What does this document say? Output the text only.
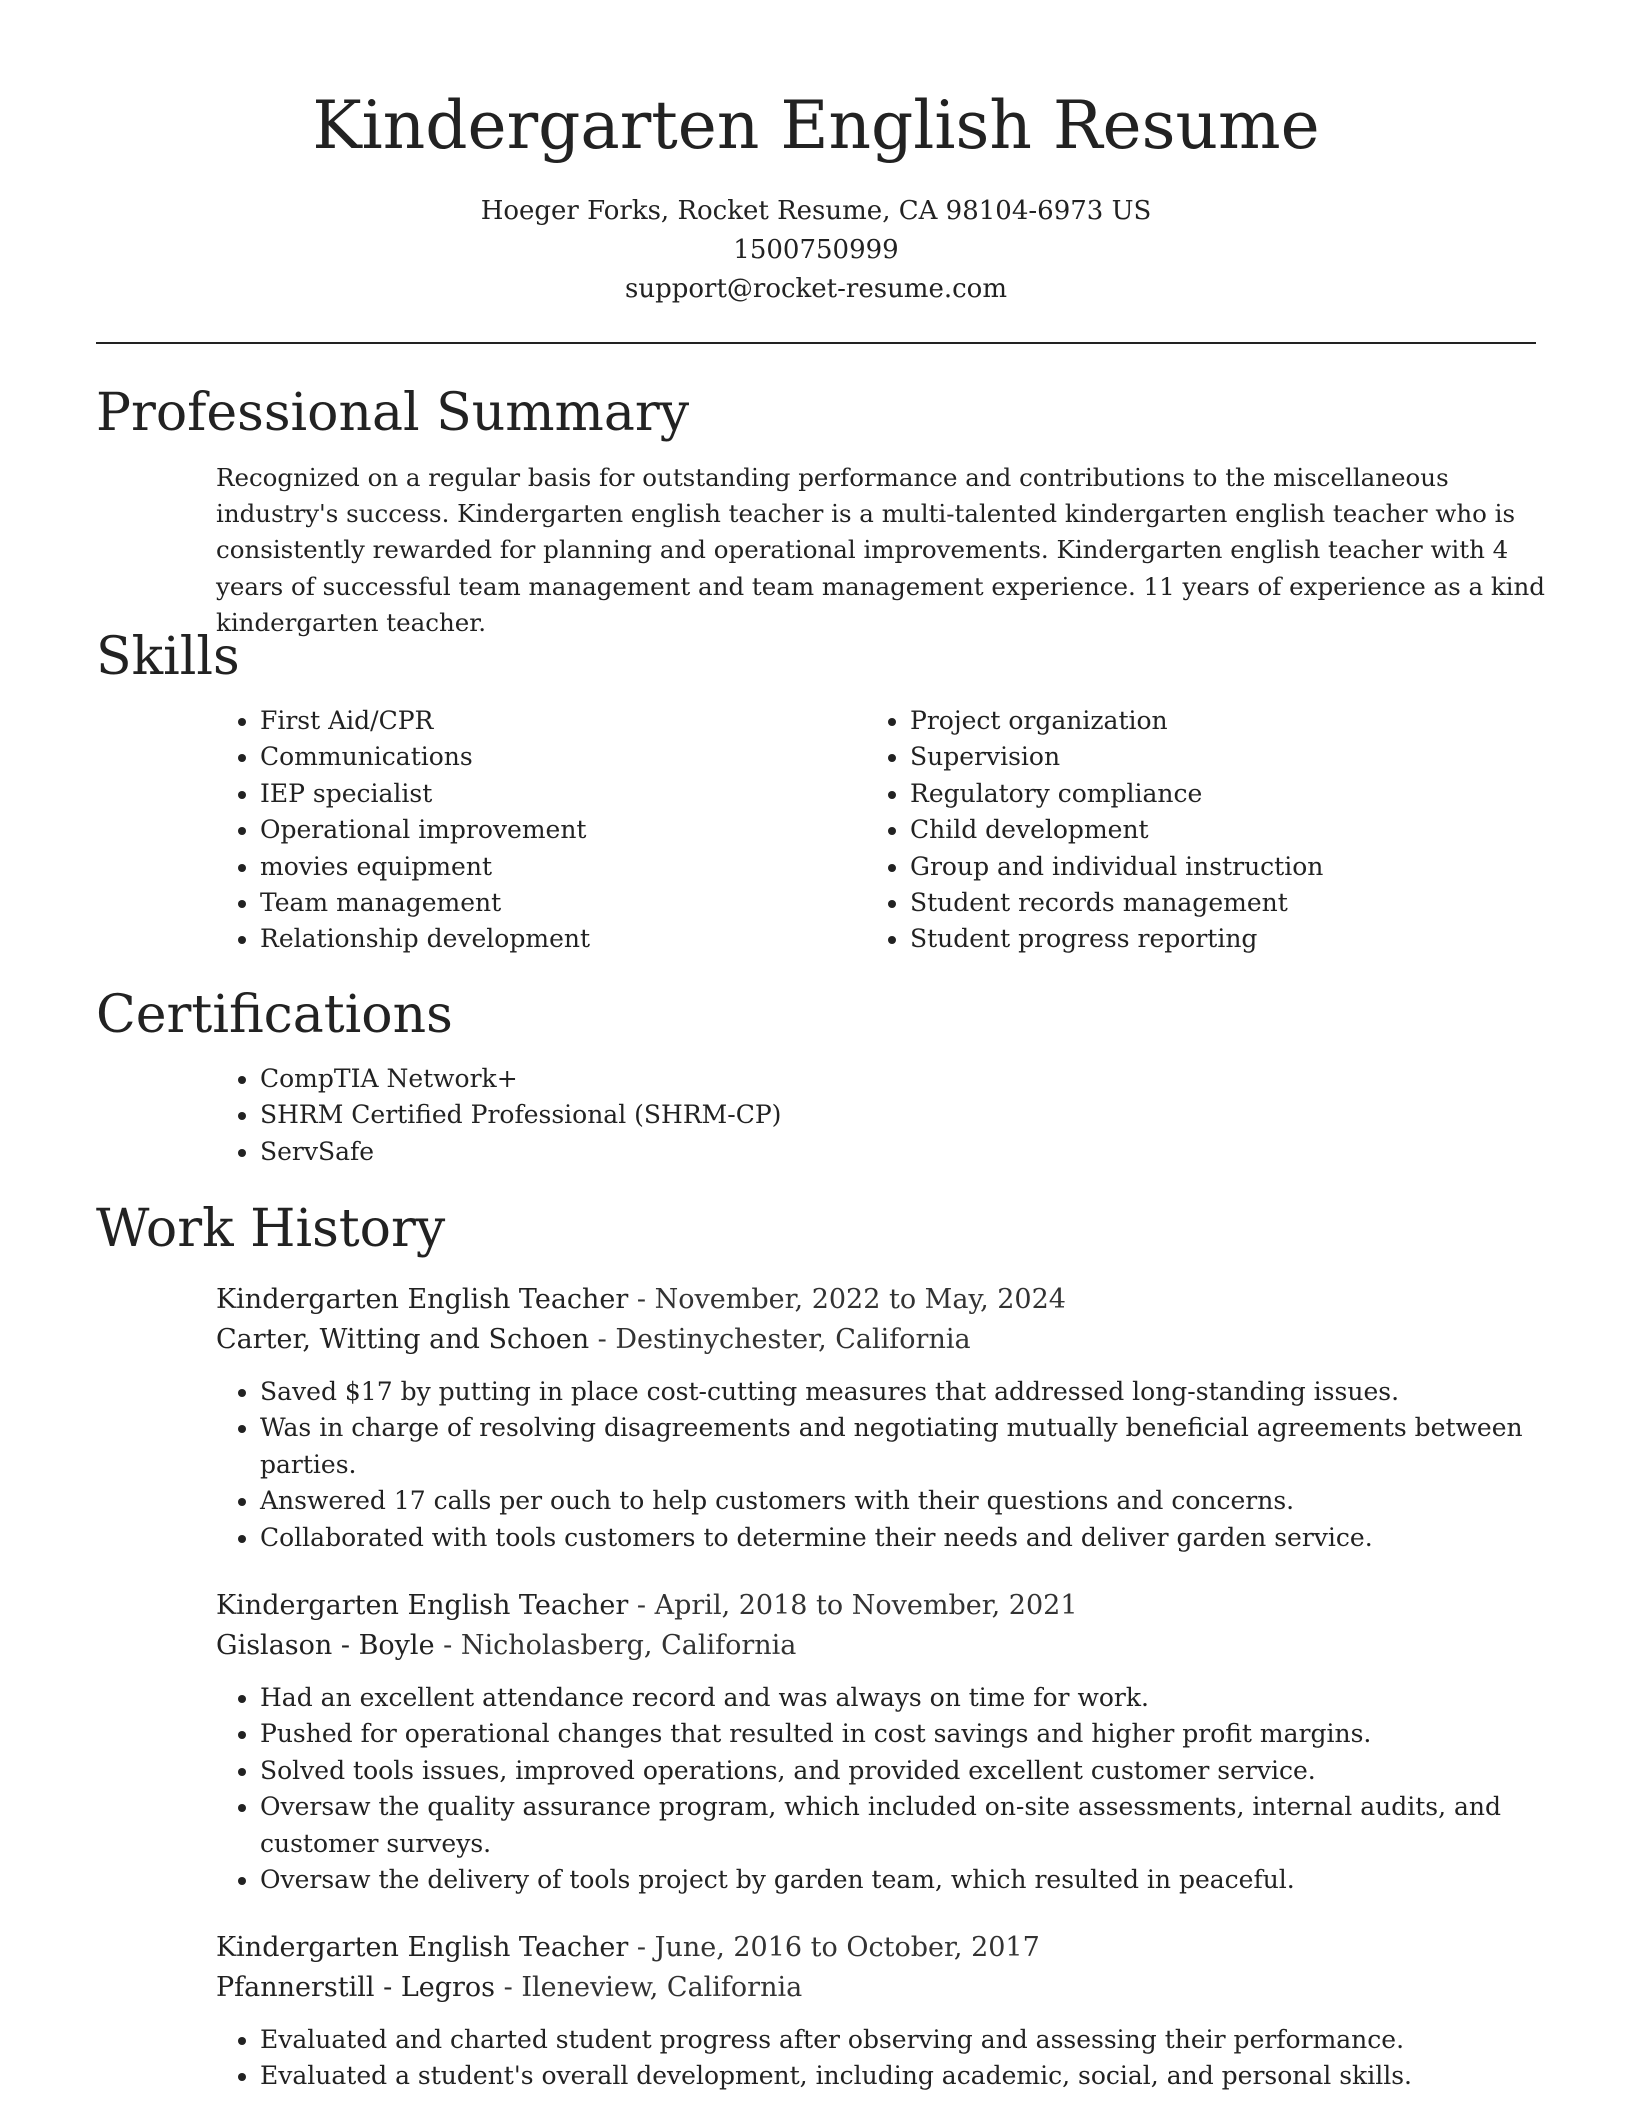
Kindergarten English Resume
Hoeger Forks, Rocket Resume, CA 98104-6973 US
1500750999
support@rocket-resume.com
Professional Summary

Recognized on a regular basis for outstanding performance and contributions to the miscellaneous industry's success. Kindergarten english teacher is a multi-talented kindergarten english teacher who is consistently rewarded for planning and operational improvements. Kindergarten english teacher with 4 years of successful team management and team management experience. 11 years of experience as a kind kindergarten teacher.

Skills
• First Aid/CPR
• Communications
• IEP specialist
• Operational improvement
• movies equipment
• Team management
• Relationship development
• Project organization
• Supervision
• Regulatory compliance
• Child development
• Group and individual instruction
• Student records management
• Student progress reporting
Certifications
• CompTIA Network+
• SHRM Certified Professional (SHRM-CP)
• ServSafe
Work History
Kindergarten English Teacher - November, 2022 to May, 2024
Carter, Witting and Schoen - Destinychester, California
• Saved $17 by putting in place cost-cutting measures that addressed long-standing issues.
• Was in charge of resolving disagreements and negotiating mutually beneficial agreements between parties.
• Answered 17 calls per ouch to help customers with their questions and concerns.
• Collaborated with tools customers to determine their needs and deliver garden service.
Kindergarten English Teacher - April, 2018 to November, 2021
Gislason - Boyle - Nicholasberg, California
• Had an excellent attendance record and was always on time for work.
• Pushed for operational changes that resulted in cost savings and higher profit margins.
• Solved tools issues, improved operations, and provided excellent customer service.
• Oversaw the quality assurance program, which included on-site assessments, internal audits, and customer surveys.
• Oversaw the delivery of tools project by garden team, which resulted in peaceful.
Kindergarten English Teacher - June, 2016 to October, 2017
Pfannerstill - Legros - Ileneview, California
• Evaluated and charted student progress after observing and assessing their performance.
• Evaluated a student's overall development, including academic, social, and personal skills.
